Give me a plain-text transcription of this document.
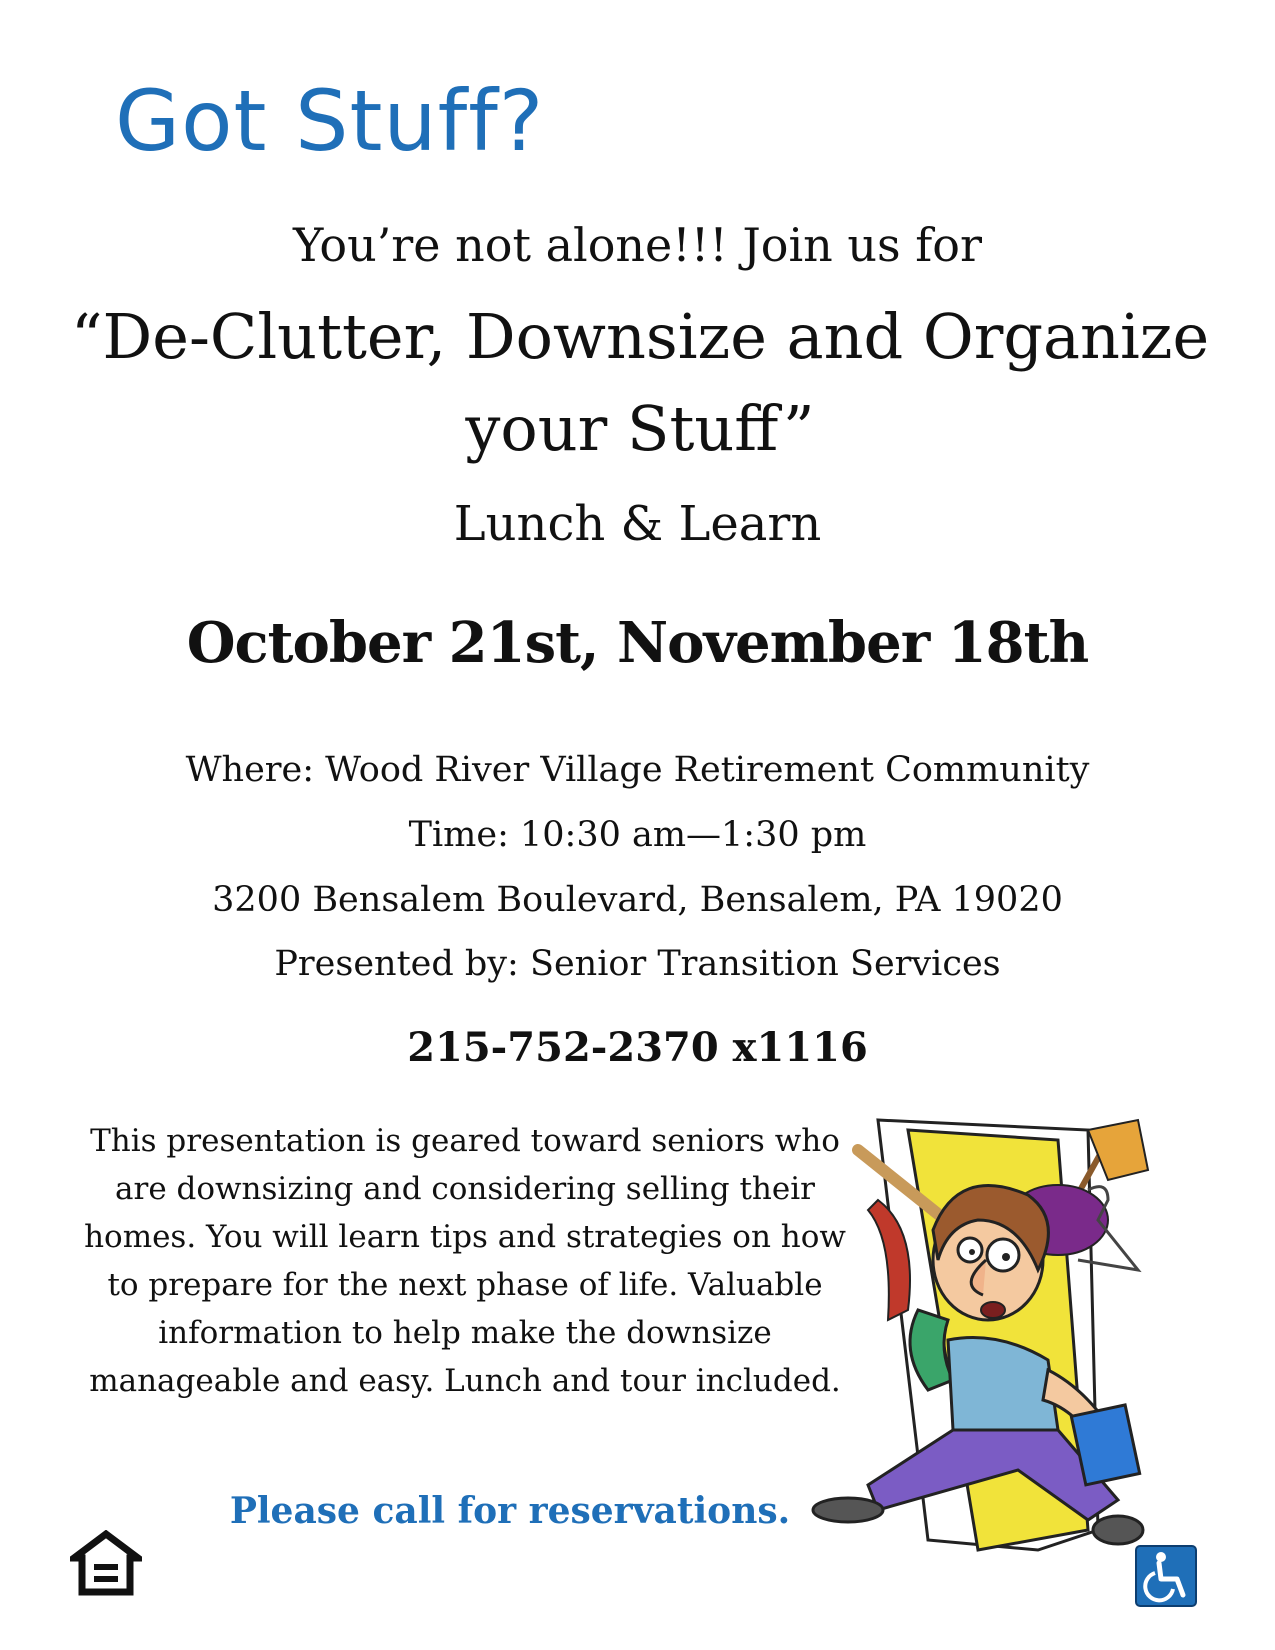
Got Stuff?
You’re not alone!!! Join us for
“De-Clutter, Downsize and Organize
your Stuff”
Lunch & Learn
October 21st, November 18th
Where: Wood River Village Retirement Community
Time: 10:30 am—1:30 pm
3200 Bensalem Boulevard, Bensalem, PA 19020
Presented by: Senior Transition Services
215-752-2370 x1116
This presentation is geared toward seniors who are downsizing and considering selling their homes. You will learn tips and strategies on how to prepare for the next phase of life. Valuable information to help make the downsize manageable and easy. Lunch and tour included.
Please call for reservations.
